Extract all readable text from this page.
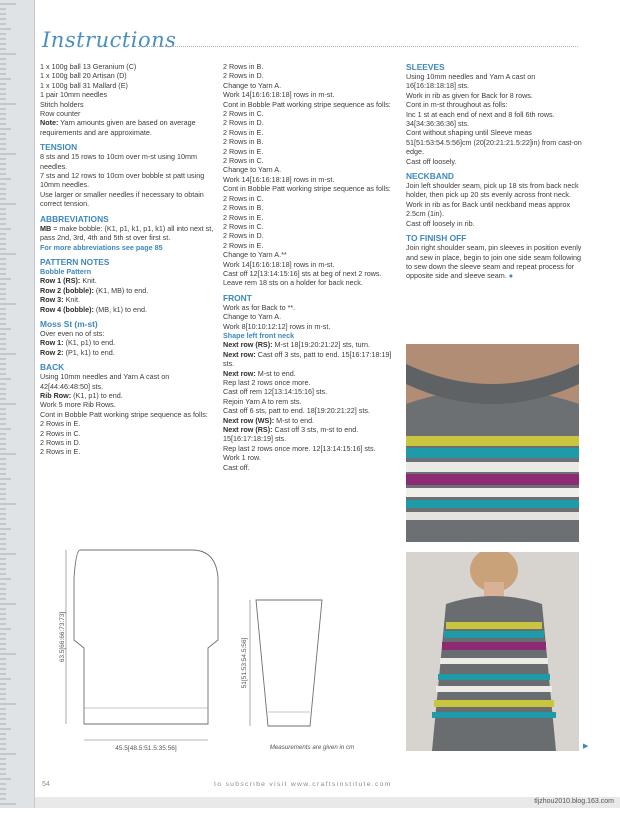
Instructions

1 x 100g ball 13 Geranium (C)

1 x 100g ball 20 Artisan (D)

1 x 100g ball 31 Mallard (E)

1 pair 10mm needles

Stitch holders

Row counter

Note: Yarn amounts given are based on average requirements and are approximate.

TENSION

8 sts and 15 rows to 10cm over m-st using 10mm needles.

7 sts and 12 rows to 10cm over bobble st patt using 10mm needles.

Use larger or smaller needles if necessary to obtain correct tension.

ABBREVIATIONS

MB = make bobble: (K1, p1, k1, p1, k1) all into next st, pass 2nd, 3rd, 4th and 5th st over first st.

For more abbreviations see page 85

PATTERN NOTES

Bobble Pattern

Row 1 (RS): Knit.

Row 2 (bobble): (K1, MB) to end.

Row 3: Knit.

Row 4 (bobble): (MB, k1) to end.

Moss St (m-st)

Over even no of sts:

Row 1: (K1, p1) to end.

Row 2: (P1, k1) to end.

BACK

Using 10mm needles and Yarn A cast on 42[44:46:48:50] sts.

Rib Row: (K1, p1) to end.

Work 5 more Rib Rows.

Cont in Bobble Patt working stripe sequence as folls:

2 Rows in E.

2 Rows in C.

2 Rows in D.

2 Rows in E.

2 Rows in B.

2 Rows in D.

Change to Yarn A.

Work 14[16:16:18:18] rows in m-st.

Cont in Bobble Patt working stripe sequence as folls:

2 Rows in C.

2 Rows in D.

2 Rows in E.

2 Rows in B.

2 Rows in E.

2 Rows in C.

Change to Yarn A.

Work 14[16:16:18:18] rows in m-st.

Cont in Bobble Patt working stripe sequence as folls:

2 Rows in C.

2 Rows in B.

2 Rows in E.

2 Rows in C.

2 Rows in D.

2 Rows in E.

Change to Yarn A.**

Work 14[16:16:18:18] rows in m-st.

Cast off 12[13:14:15:16] sts at beg of next 2 rows.

Leave rem 18 sts on a holder for back neck.

FRONT

Work as for Back to **.

Change to Yarn A.

Work 8[10:10:12:12] rows in m-st.

Shape left front neck

Next row (RS): M-st 18[19:20:21:22] sts, turn.

Next row: Cast off 3 sts, patt to end. 15[16:17:18:19] sts.

Next row: M-st to end.

Rep last 2 rows once more.

Cast off rem 12[13:14:15:16] sts.

Rejoin Yarn A to rem sts.

Cast off 6 sts, patt to end. 18[19:20:21:22] sts.

Next row (WS): M-st to end.

Next row (RS): Cast off 3 sts, m-st to end. 15[16:17:18:19] sts.

Rep last 2 rows once more. 12[13:14:15:16] sts.

Work 1 row.

Cast off.

SLEEVES

Using 10mm needles and Yarn A cast on 16[16:18:18:18] sts.

Work in rib as given for Back for 8 rows.

Cont in m-st throughout as folls:

Inc 1 st at each end of next and 8 foll 6th rows. 34[34:36:36:36] sts.

Cont without shaping until Sleeve meas 51[51:53:54.5:56]cm (20[20:21:21.5:22]in) from cast-on edge.

Cast off loosely.

NECKBAND

Join left shoulder seam, pick up 18 sts from back neck holder, then pick up 20 sts evenly across front neck.

Work in rib as for Back until neckband meas approx 2.5cm (1in).

Cast off loosely in rib.

TO FINISH OFF

Join right shoulder seam, pin sleeves in position evenly and sew in place, begin to join one side seam following to sew down the sleeve seam and repeat process for opposite side and sleeve seam. ●

▶
63.5[66:66:73:73]
45.5[48.5:51.5:35:56]
51[51:53:54.5:56]
Measurements are given in cm
54	to subscribe visit www.craftsinstitute.com
tljzhou2010.blog.163.com
